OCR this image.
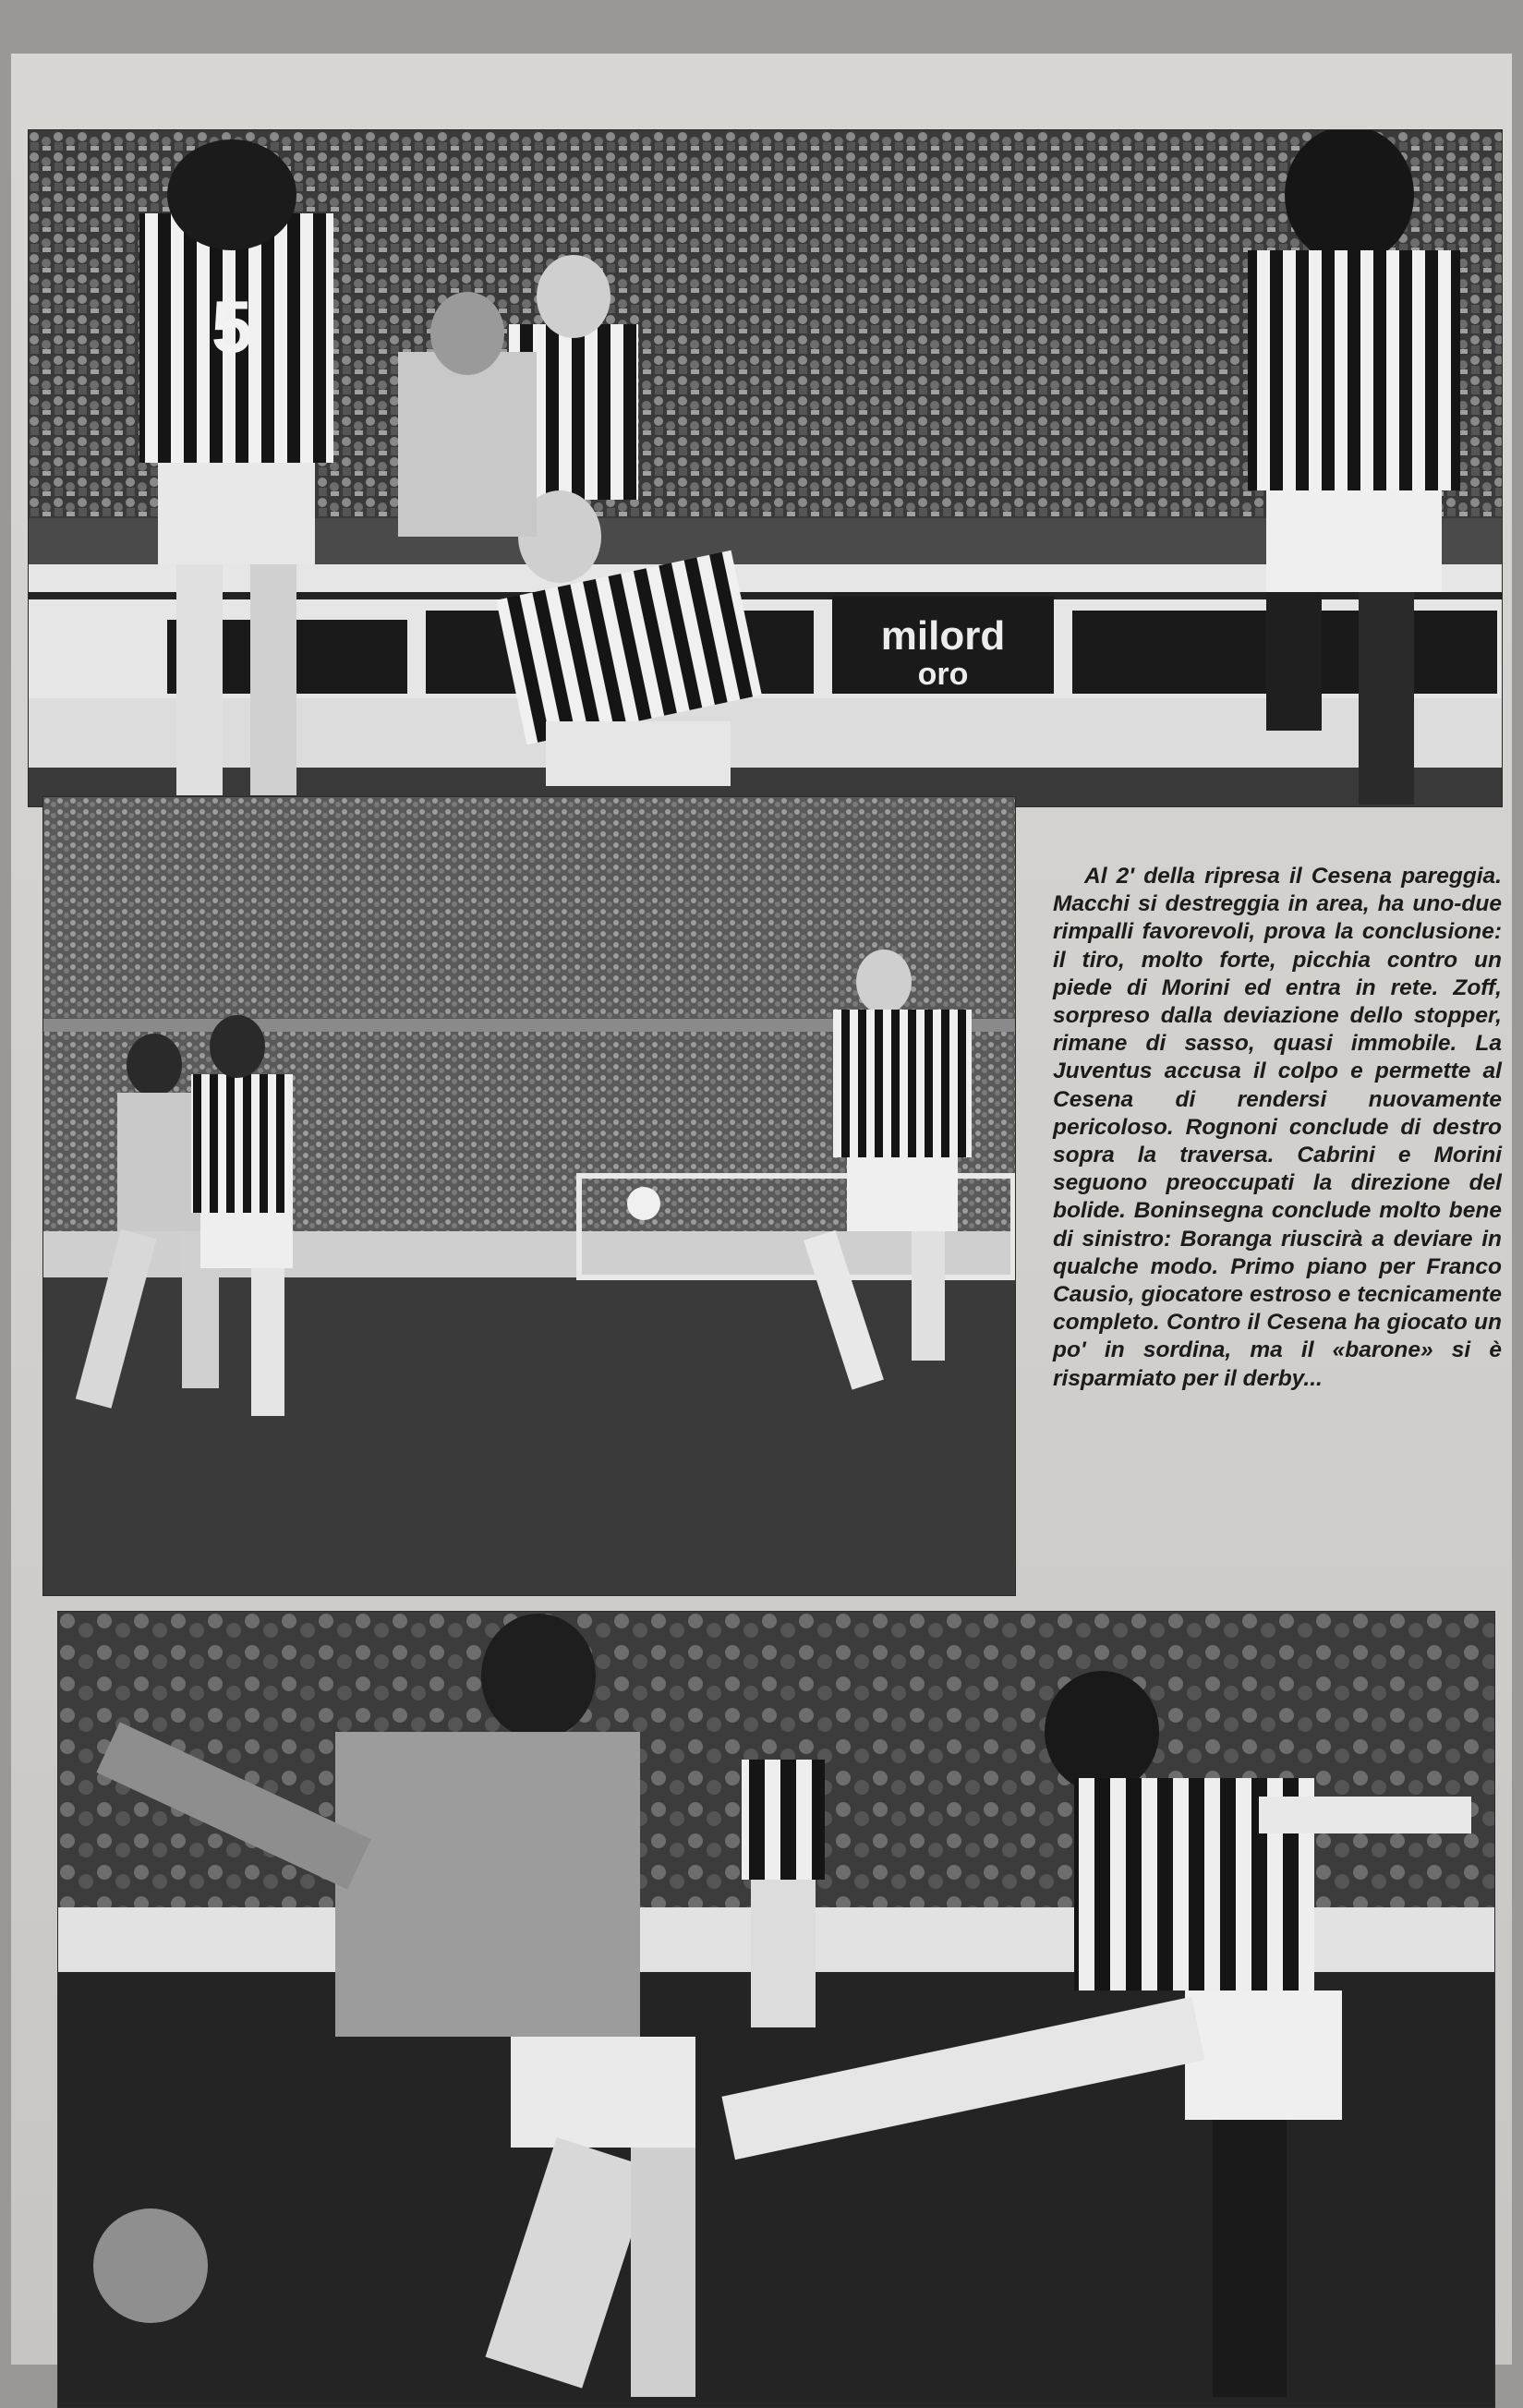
milord
oro
5

Al 2' della ripresa il Cesena pareggia. Macchi si destreggia in area, ha uno-due rimpalli favorevoli, prova la conclusione: il tiro, molto forte, picchia contro un piede di Morini ed entra in rete. Zoff, sorpreso dalla deviazione dello stopper, rimane di sasso, quasi immobile. La Juventus accusa il colpo e permette al Cesena di rendersi nuovamente pericoloso. Rognoni conclude di destro sopra la traversa. Cabrini e Morini seguono preoccupati la direzione del bolide. Boninsegna conclude molto bene di sinistro: Boranga riuscirà a deviare in qualche modo. Primo piano per Franco Causio, giocatore estroso e tecnicamente completo. Contro il Cesena ha giocato un po' in sordina, ma il «barone» si è risparmiato per il derby...
